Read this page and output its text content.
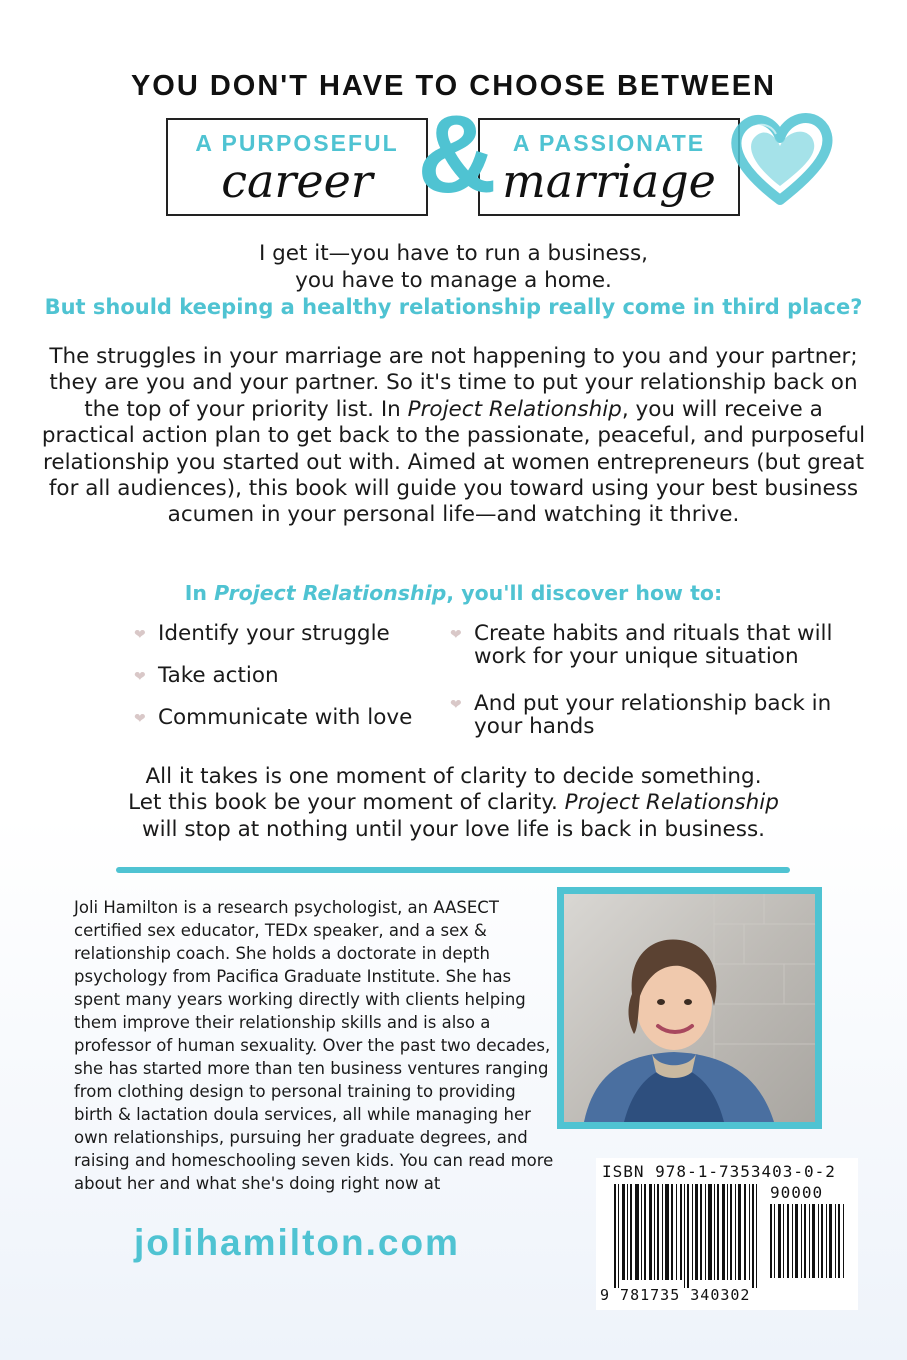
YOU DON'T HAVE TO CHOOSE BETWEEN
A PURPOSEFUL
career
A PASSIONATE
marriage
&
I get it—you have to run a business,
you have to manage a home.
But should keeping a healthy relationship really come in third place?
The struggles in your marriage are not happening to you and your partner; they are you and your partner. So it's time to put your relationship back on the top of your priority list. In Project Relationship, you will receive a practical action plan to get back to the passionate, peaceful, and purposeful relationship you started out with. Aimed at women entrepreneurs (but great for all audiences), this book will guide you toward using your best business acumen in your personal life—and watching it thrive.
In Project Relationship, you'll discover how to:
❤ Identify your struggle
❤ Take action
❤ Communicate with love
❤ Create habits and rituals that will work for your unique situation
❤ And put your relationship back in your hands
All it takes is one moment of clarity to decide something.
Let this book be your moment of clarity. Project Relationship
will stop at nothing until your love life is back in business.
Joli Hamilton is a research psychologist, an AASECT certified sex educator, TEDx speaker, and a sex & relationship coach. She holds a doctorate in depth psychology from Pacifica Graduate Institute. She has spent many years working directly with clients helping them improve their relationship skills and is also a professor of human sexuality. Over the past two decades, she has started more than ten business ventures ranging from clothing design to personal training to providing birth & lactation doula services, all while managing her own relationships, pursuing her graduate degrees, and raising and homeschooling seven kids. You can read more about her and what she's doing right now at
jolihamilton.com
ISBN 978-1-7353403-0-2
90000
9 781735 340302
